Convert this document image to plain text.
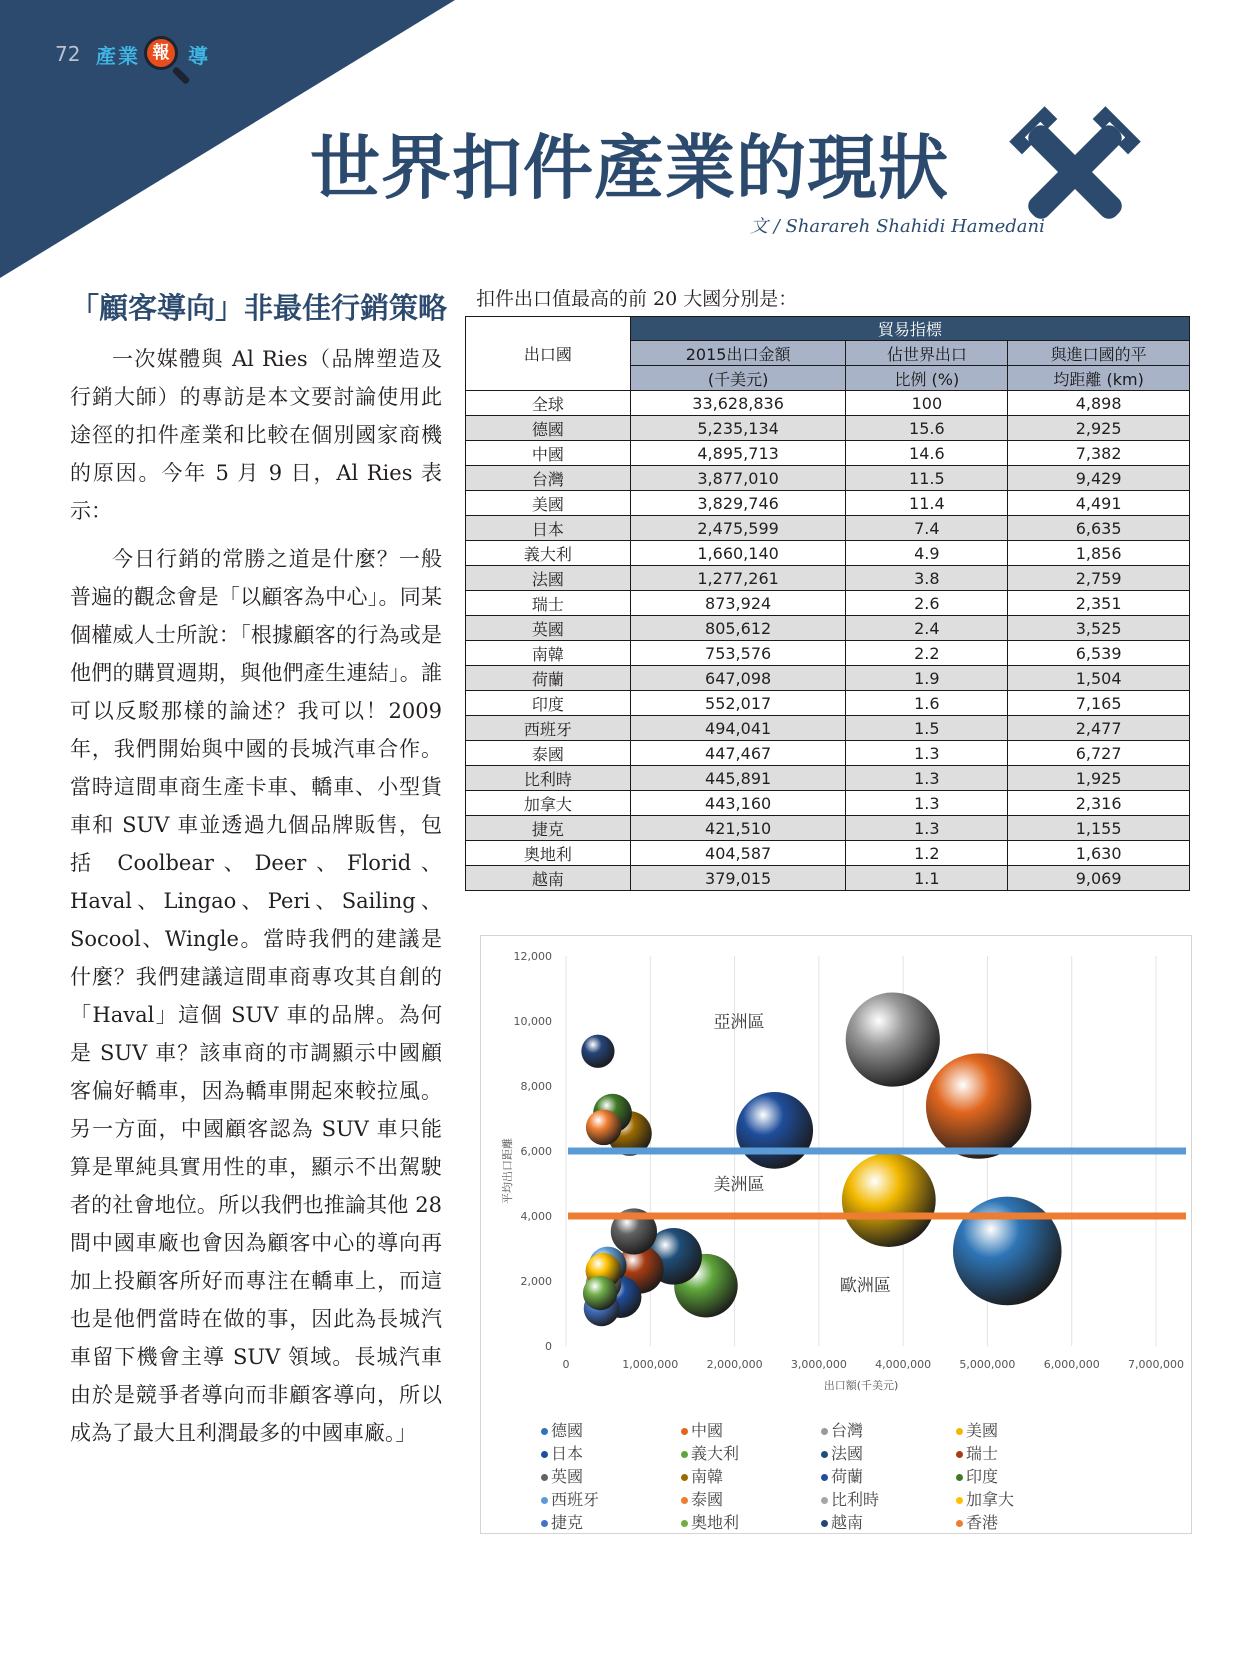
72 產業 報 導
世界扣件產業的現狀
文 / Sharareh Shahidi Hamedani
「顧客導向」非最佳行銷策略
一次媒體與 Al Ries（品牌塑造及行銷大師）的專訪是本文要討論使用此途徑的扣件產業和比較在個別國家商機的原因。今年 5 月 9 日，Al Ries 表示：
今日行銷的常勝之道是什麼？一般普遍的觀念會是「以顧客為中心」。同某個權威人士所說：「根據顧客的行為或是他們的購買週期，與他們產生連結」。誰可以反駁那樣的論述？我可以！2009 年，我們開始與中國的長城汽車合作。當時這間車商生產卡車、轎車、小型貨車和 SUV 車並透過九個品牌販售，包括 Coolbear、Deer、Florid、Haval、Lingao、Peri、Sailing、Socool、Wingle。當時我們的建議是什麼？我們建議這間車商專攻其自創的「Haval」這個 SUV 車的品牌。為何是 SUV 車？該車商的市調顯示中國顧客偏好轎車，因為轎車開起來較拉風。另一方面，中國顧客認為 SUV 車只能算是單純具實用性的車，顯示不出駕駛者的社會地位。所以我們也推論其他 28 間中國車廠也會因為顧客中心的導向再加上投顧客所好而專注在轎車上，而這也是他們當時在做的事，因此為長城汽車留下機會主導 SUV 領域。長城汽車由於是競爭者導向而非顧客導向，所以成為了最大且利潤最多的中國車廠。」
扣件出口值最高的前 20 大國分別是：
出口國	貿易指標		
	2015出口金額	佔世界出口	與進口國的平
	(千美元)	比例 (%)	均距離 (km)
全球	33,628,836	100	4,898
德國	5,235,134	15.6	2,925
中國	4,895,713	14.6	7,382
台灣	3,877,010	11.5	9,429
美國	3,829,746	11.4	4,491
日本	2,475,599	7.4	6,635
義大利	1,660,140	4.9	1,856
法國	1,277,261	3.8	2,759
瑞士	873,924	2.6	2,351
英國	805,612	2.4	3,525
南韓	753,576	2.2	6,539
荷蘭	647,098	1.9	1,504
印度	552,017	1.6	7,165
西班牙	494,041	1.5	2,477
泰國	447,467	1.3	6,727
比利時	445,891	1.3	1,925
加拿大	443,160	1.3	2,316
捷克	421,510	1.3	1,155
奧地利	404,587	1.2	1,630
越南	379,015	1.1	9,069
0	1,000,000	2,000,000	3,000,000	4,000,000	5,000,000	6,000,000	7,000,000
0
2,000
4,000
6,000
8,000
10,000
12,000
出口額(千美元)
平均出口距離
亞洲區
美洲區
歐洲區
德國	中國	台灣	美國
日本	義大利	法國	瑞士
英國	南韓	荷蘭	印度
西班牙	泰國	比利時	加拿大
捷克	奧地利	越南	香港
